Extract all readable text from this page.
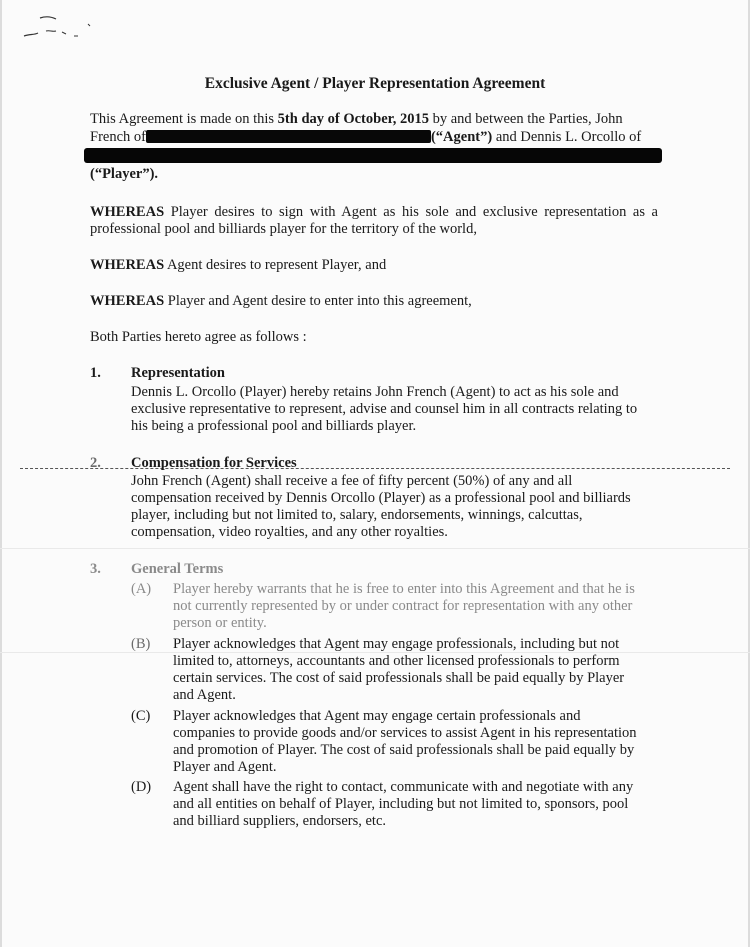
Exclusive Agent / Player Representation Agreement
This Agreement is made on this 5th day of October, 2015 by and between the Parties, John
French of	(“Agent”) and Dennis L. Orcollo of
(“Player”).
WHEREAS Player desires to sign with Agent as his sole and exclusive representation as a professional pool and billiards player for the territory of the world,
WHEREAS Agent desires to represent Player, and
WHEREAS Player and Agent desire to enter into this agreement,
Both Parties hereto agree as follows :
1. Representation

Dennis L. Orcollo (Player) hereby retains John French (Agent) to act as his sole and exclusive representative to represent, advise and counsel him in all contracts relating to his being a professional pool and billiards player.

2. Compensation for Services

John French (Agent) shall receive a fee of fifty percent (50%) of any and all compensation received by Dennis Orcollo (Player) as a professional pool and billiards player, including but not limited to, salary, endorsements, winnings, calcuttas, compensation, video royalties, and any other royalties.

3. General Terms
(A) Player hereby warrants that he is free to enter into this Agreement and that he is not currently represented by or under contract for representation with any other person or entity.

(B) Player acknowledges that Agent may engage professionals, including but not limited to, attorneys, accountants and other licensed professionals to perform certain services. The cost of said professionals shall be paid equally by Player and Agent.

(C) Player acknowledges that Agent may engage certain professionals and companies to provide goods and/or services to assist Agent in his representation and promotion of Player. The cost of said professionals shall be paid equally by Player and Agent.

(D) Agent shall have the right to contact, communicate with and negotiate with any and all entities on behalf of Player, including but not limited to, sponsors, pool and billiard suppliers, endorsers, etc.
